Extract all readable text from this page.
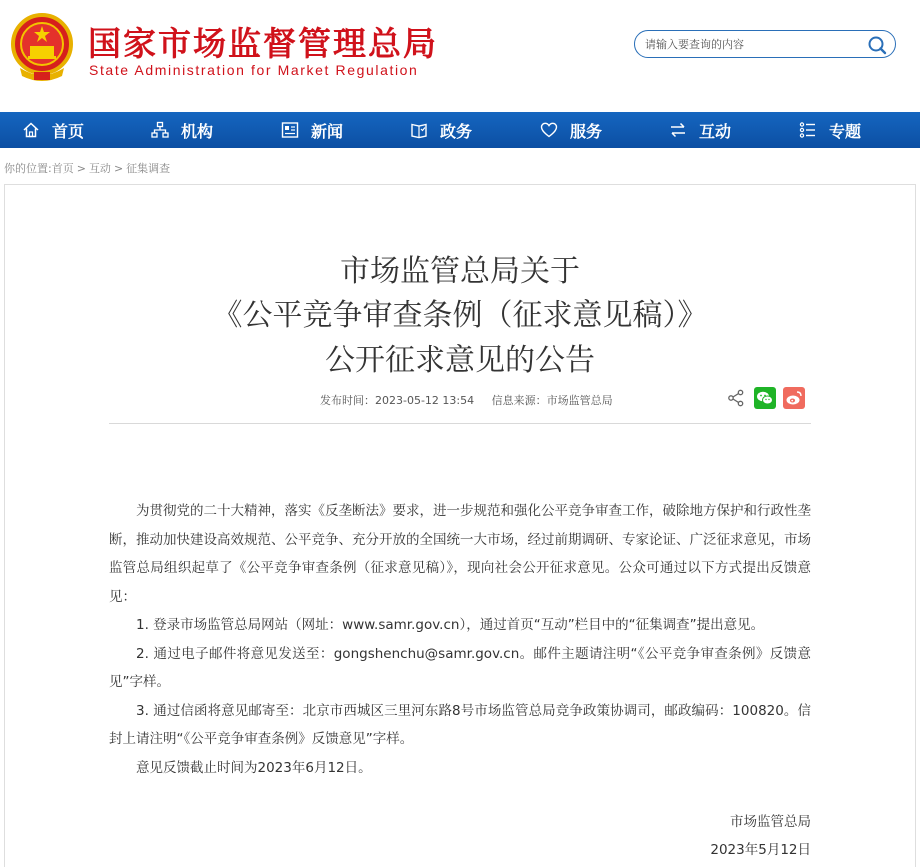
国家市场监督管理总局
State Administration for Market Regulation
请输入要查询的内容
首页	机构	新闻	政务	服务	互动	专题
你的位置:首页 > 互动 > 征集调查
市场监管总局关于
《公平竞争审查条例（征求意见稿）》
公开征求意见的公告
发布时间：2023-05-12 13:54 信息来源：市场监管总局

为贯彻党的二十大精神，落实《反垄断法》要求，进一步规范和强化公平竞争审查工作，破除地方保护和行政性垄断，推动加快建设高效规范、公平竞争、充分开放的全国统一大市场，经过前期调研、专家论证、广泛征求意见，市场监管总局组织起草了《公平竞争审查条例（征求意见稿）》，现向社会公开征求意见。公众可通过以下方式提出反馈意见：

1. 登录市场监管总局网站（网址：www.samr.gov.cn），通过首页“互动”栏目中的“征集调查”提出意见。

2. 通过电子邮件将意见发送至：gongshenchu@samr.gov.cn。邮件主题请注明“《公平竞争审查条例》反馈意见”字样。

3. 通过信函将意见邮寄至：北京市西城区三里河东路8号市场监管总局竞争政策协调司，邮政编码：100820。信封上请注明“《公平竞争审查条例》反馈意见”字样。

意见反馈截止时间为2023年6月12日。

市场监管总局
2023年5月12日
